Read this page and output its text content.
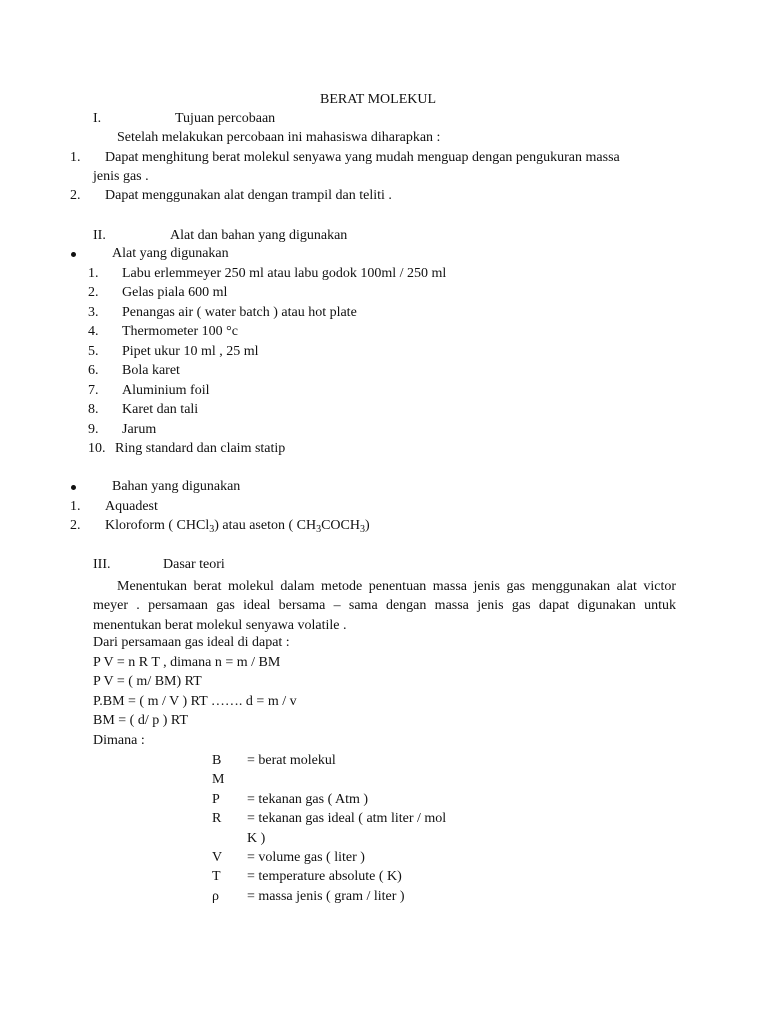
BERAT MOLEKUL
I.	Tujuan percobaan
Setelah melakukan percobaan ini mahasiswa diharapkan :
1. Dapat menghitung berat molekul senyawa yang mudah menguap dengan pengukuran massa
jenis gas .
2. Dapat menggunakan alat dengan trampil dan teliti .
II.	Alat dan bahan yang digunakan
Alat yang digunakan
1. Labu erlemmeyer 250 ml atau labu godok 100ml / 250 ml
2. Gelas piala 600 ml
3. Penangas air ( water batch ) atau hot plate
4. Thermometer 100 °c
5. Pipet ukur 10 ml , 25 ml
6. Bola karet
7. Aluminium foil
8. Karet dan tali
9. Jarum
10. Ring standard dan claim statip
Bahan yang digunakan
1. Aquadest
2. Kloroform ( CHCl$_3$) atau aseton ( $CH_3COCH_3$)
III.	Dasar teori
Menentukan berat molekul dalam metode penentuan massa jenis gas menggunakan alat victor meyer . persamaan gas ideal bersama – sama dengan massa jenis gas dapat digunakan untuk menentukan berat molekul senyawa volatile .
Dari persamaan gas ideal di dapat :
P V = n R T , dimana n = m / BM
P V = ( m/ BM) RT
P.BM = ( m / V ) RT ……. d = m / v
BM = ( d/ p ) RT
Dimana :
B = berat molekul
M
P = tekanan gas ( Atm )
R = tekanan gas ideal ( atm liter / mol
K )
V = volume gas ( liter )
T = temperature absolute ( K)
ρ = massa jenis ( gram / liter )
